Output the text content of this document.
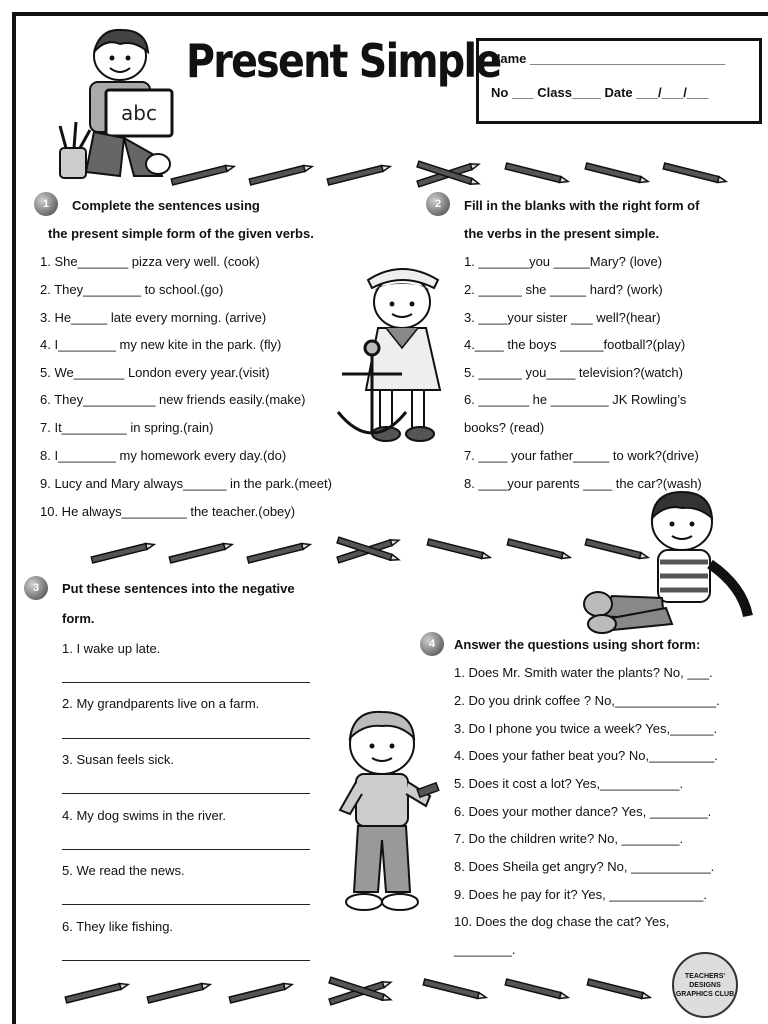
abc
Present Simple
Name ___________________________
No ___ Class____ Date ___/___/___
1	Complete the sentences using
the present simple form of the given verbs.
1. She_______ pizza very well. (cook)
2. They________ to school.(go)
3. He_____ late every morning. (arrive)
4. I________ my new kite in the park. (fly)
5. We_______ London every year.(visit)
6. They__________ new friends easily.(make)
7. It_________ in spring.(rain)
8. I________ my homework every day.(do)
9. Lucy and Mary always______ in the park.(meet)
10. He always_________ the teacher.(obey)
2	Fill in the blanks with the right form of
the verbs in the present simple.
1. _______you _____Mary? (love)
2. ______ she _____ hard? (work)
3. ____your sister ___ well?(hear)
4.____ the boys ______football?(play)
5. ______ you____ television?(watch)
6. _______ he ________ JK Rowling’s
books? (read)
7. ____ your father_____ to work?(drive)
8. ____your parents ____ the car?(wash)
3	Put these sentences into the negative
form.
1. I wake up late.
2. My grandparents live on a farm.
3. Susan feels sick.
4. My dog swims in the river.
5. We read the news.
6. They like fishing.
4	Answer the questions using short form:
1. Does Mr. Smith water the plants? No, ___.
2. Do you drink coffee ? No,______________.
3. Do I phone you twice a week? Yes,______.
4. Does your father beat you? No,_________.
5. Does it cost a lot? Yes,___________.
6. Does your mother dance? Yes, ________.
7. Do the children write? No, ________.
8. Does Sheila get angry? No, ___________.
9. Does he pay for it? Yes, _____________.
10. Does the dog chase the cat? Yes,
________.
TEACHERS' DESIGNS GRAPHICS CLUB
